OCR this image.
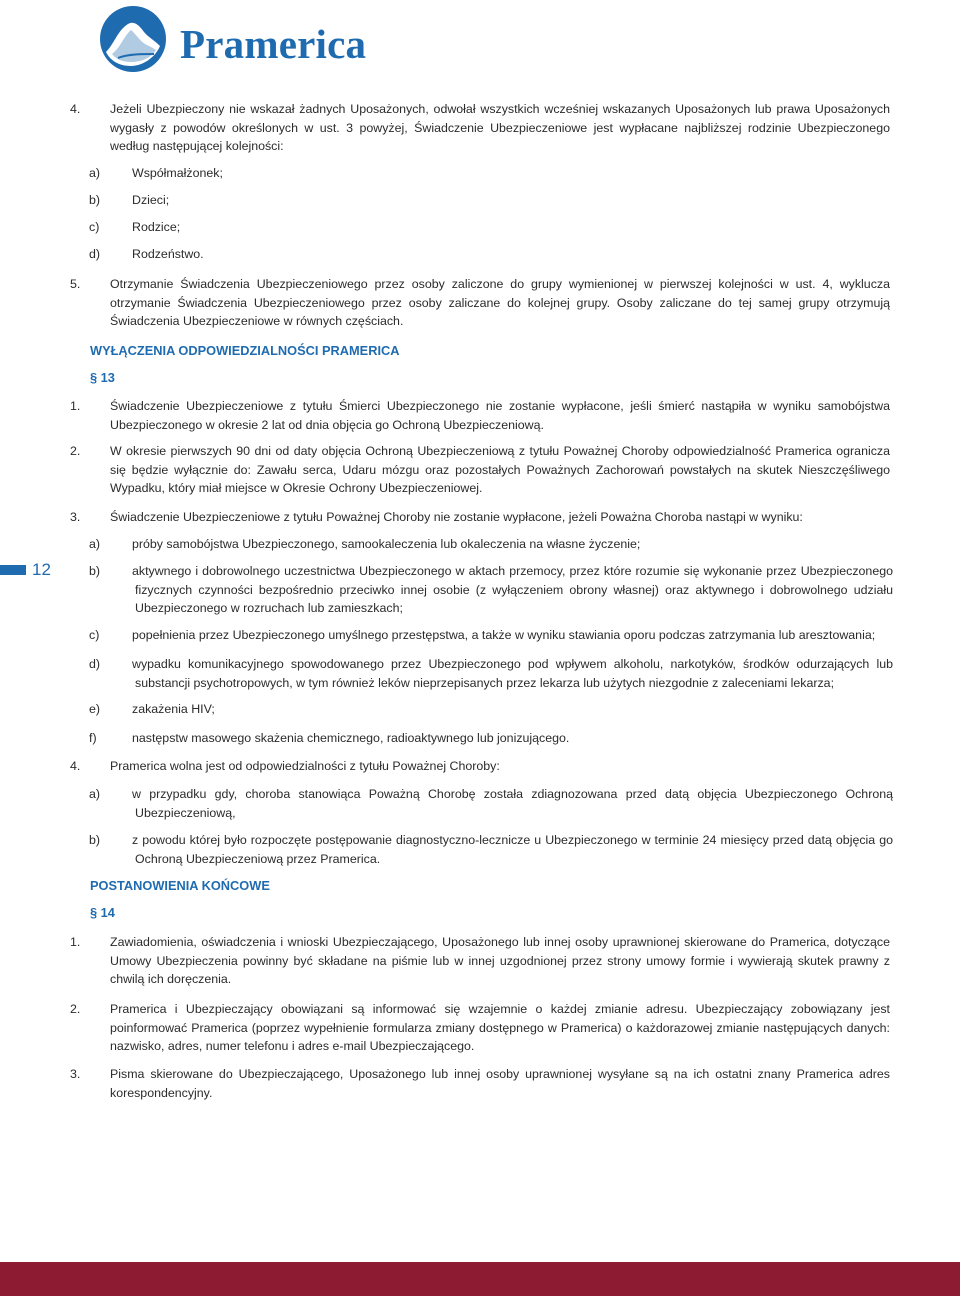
Pramerica

4. Jeżeli Ubezpieczony nie wskazał żadnych Uposażonych, odwołał wszystkich wcześniej wskazanych Uposażonych lub prawa Uposażonych wygasły z powodów określonych w ust. 3 powyżej, Świadczenie Ubezpieczeniowe jest wypłacane najbliższej rodzinie Ubezpieczonego według następującej kolejności:

a)	Współmałżonek;

b)	Dzieci;

c)	Rodzice;

d)	Rodzeństwo.

5. Otrzymanie Świadczenia Ubezpieczeniowego przez osoby zaliczone do grupy wymienionej w pierwszej kolejności w ust. 4, wyklucza otrzymanie Świadczenia Ubezpieczeniowego przez osoby zaliczane do kolejnej grupy. Osoby zaliczane do tej samej grupy otrzymują Świadczenia Ubezpieczeniowe w równych częściach.

WYŁĄCZENIA ODPOWIEDZIALNOŚCI PRAMERICA
§ 13

1. Świadczenie Ubezpieczeniowe z tytułu Śmierci Ubezpieczonego nie zostanie wypłacone, jeśli śmierć nastąpiła w wyniku samobójstwa Ubezpieczonego w okresie 2 lat od dnia objęcia go Ochroną Ubezpieczeniową.

2. W okresie pierwszych 90 dni od daty objęcia Ochroną Ubezpieczeniową z tytułu Poważnej Choroby odpowiedzialność Pramerica ogranicza się będzie wyłącznie do: Zawału serca, Udaru mózgu oraz pozostałych Poważnych Zachorowań powstałych na skutek Nieszczęśliwego Wypadku, który miał miejsce w Okresie Ochrony Ubezpieczeniowej.

3. Świadczenie Ubezpieczeniowe z tytułu Poważnej Choroby nie zostanie wypłacone, jeżeli Poważna Choroba nastąpi w wyniku:

a)	próby samobójstwa Ubezpieczonego, samookaleczenia lub okaleczenia na własne życzenie;

b)	aktywnego i dobrowolnego uczestnictwa Ubezpieczonego w aktach przemocy, przez które rozumie się wykonanie przez Ubezpieczonego fizycznych czynności bezpośrednio przeciwko innej osobie (z wyłączeniem obrony własnej) oraz aktywnego i dobrowolnego udziału Ubezpieczonego w rozruchach lub zamieszkach;

c)	popełnienia przez Ubezpieczonego umyślnego przestępstwa, a także w wyniku stawiania oporu podczas zatrzymania lub aresztowania;

d)	wypadku komunikacyjnego spowodowanego przez Ubezpieczonego pod wpływem alkoholu, narkotyków, środków odurzających lub substancji psychotropowych, w tym również leków nieprzepisanych przez lekarza lub użytych niezgodnie z zaleceniami lekarza;

e)	zakażenia HIV;

f)	następstw masowego skażenia chemicznego, radioaktywnego lub jonizującego.

4. Pramerica wolna jest od odpowiedzialności z tytułu Poważnej Choroby:

a)	w przypadku gdy, choroba stanowiąca Poważną Chorobę została zdiagnozowana przed datą objęcia Ubezpieczonego Ochroną Ubezpieczeniową,

b)	z powodu której było rozpoczęte postępowanie diagnostyczno-lecznicze u Ubezpieczonego w terminie 24 miesięcy przed datą objęcia go Ochroną Ubezpieczeniową przez Pramerica.

POSTANOWIENIA KOŃCOWE
§ 14

1. Zawiadomienia, oświadczenia i wnioski Ubezpieczającego, Uposażonego lub innej osoby uprawnionej skierowane do Pramerica, dotyczące Umowy Ubezpieczenia powinny być składane na piśmie lub w innej uzgodnionej przez strony umowy formie i wywierają skutek prawny z chwilą ich doręczenia.

2. Pramerica i Ubezpieczający obowiązani są informować się wzajemnie o każdej zmianie adresu. Ubezpieczający zobowiązany jest poinformować Pramerica (poprzez wypełnienie formularza zmiany dostępnego w Pramerica) o każdorazowej zmianie następujących danych: nazwisko, adres, numer telefonu i adres e-mail Ubezpieczającego.

3. Pisma skierowane do Ubezpieczającego, Uposażonego lub innej osoby uprawnionej wysyłane są na ich ostatni znany Pramerica adres korespondencyjny.

12
